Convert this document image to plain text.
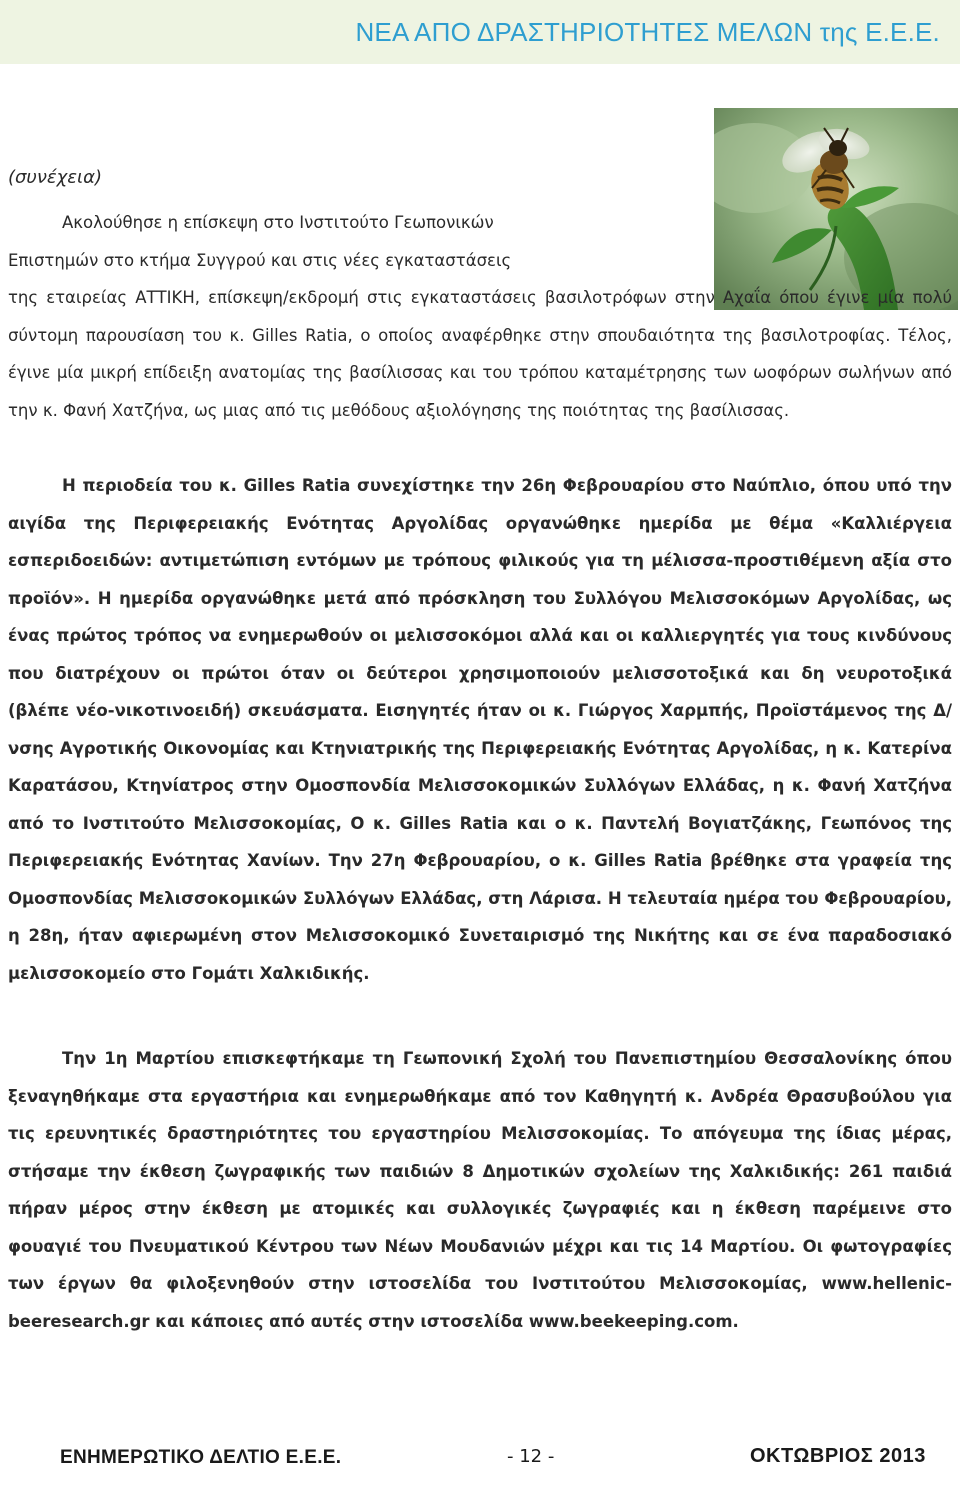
ΝΕΑ ΑΠΟ ΔΡΑΣΤΗΡΙΟΤΗΤΕΣ ΜΕΛΩΝ της Ε.Ε.Ε.
(συνέχεια)
Ακολούθησε η επίσκεψη στο Ινστιτούτο Γεωπονικών
Επιστημών στο κτήμα Συγγρού και στις νέες εγκαταστάσεις
της εταιρείας ΑΤΤΙΚΗ, επίσκεψη/εκδρομή στις εγκαταστάσεις βασιλοτρόφων στην Αχαΐα όπου έγινε μία πολύ σύντομη παρουσίαση του κ. Gilles Ratia, ο οποίος αναφέρθηκε στην σπουδαιότητα της βασιλοτροφίας. Τέλος, έγινε μία μικρή επίδειξη ανατομίας της βασίλισσας και του τρόπου καταμέτρησης των ωοφόρων σωλήνων από την κ. Φανή Χατζήνα, ως μιας από τις μεθόδους αξιολόγησης της ποιότητας της βασίλισσας.
Η περιοδεία του κ. Gilles Ratia συνεχίστηκε την 26η Φεβρουαρίου στο Ναύπλιο, όπου υπό την αιγίδα της Περιφερειακής Ενότητας Αργολίδας οργανώθηκε ημερίδα με θέμα «Καλλιέργεια εσπεριδοειδών: αντιμετώπιση εντόμων με τρόπους φιλικούς για τη μέλισσα-προστιθέμενη αξία στο προϊόν». Η ημερίδα οργανώθηκε μετά από πρόσκληση του Συλλόγου Μελισσοκόμων Αργολίδας, ως ένας πρώτος τρόπος να ενημερωθούν οι μελισσοκόμοι αλλά και οι καλλιεργητές για τους κινδύνους που διατρέχουν οι πρώτοι όταν οι δεύτεροι χρησιμοποιούν μελισσοτοξικά και δη νευροτοξικά (βλέπε νέο-νικοτινοειδή) σκευάσματα. Εισηγητές ήταν οι κ. Γιώργος Χαρμπής, Προϊστάμενος της Δ/νσης Αγροτικής Οικονομίας και Κτηνιατρικής της Περιφερειακής Ενότητας Αργολίδας, η κ. Κατερίνα Καρατάσου, Κτηνίατρος στην Ομοσπονδία Μελισσοκομικών Συλλόγων Ελλάδας, η κ. Φανή Χατζήνα από το Ινστιτούτο Μελισσοκομίας, Ο κ. Gilles Ratia και ο κ. Παντελή Βογιατζάκης, Γεωπόνος της Περιφερειακής Ενότητας Χανίων. Την 27η Φεβρουαρίου, ο κ. Gilles Ratia βρέθηκε στα γραφεία της Ομοσπονδίας Μελισσοκομικών Συλλόγων Ελλάδας, στη Λάρισα. Η τελευταία ημέρα του Φεβρουαρίου, η 28η, ήταν αφιερωμένη στον Μελισσοκομικό Συνεταιρισμό της Νικήτης και σε ένα παραδοσιακό μελισσοκομείο στο Γομάτι Χαλκιδικής.
Την 1η Μαρτίου επισκεφτήκαμε τη Γεωπονική Σχολή του Πανεπιστημίου Θεσσαλονίκης όπου ξεναγηθήκαμε στα εργαστήρια και ενημερωθήκαμε από τον Καθηγητή κ. Ανδρέα Θρασυβούλου για τις ερευνητικές δραστηριότητες του εργαστηρίου Μελισσοκομίας. Το απόγευμα της ίδιας μέρας, στήσαμε την έκθεση ζωγραφικής των παιδιών 8 Δημοτικών σχολείων της Χαλκιδικής: 261 παιδιά πήραν μέρος στην έκθεση με ατομικές και συλλογικές ζωγραφιές και η έκθεση παρέμεινε στο φουαγιέ του Πνευματικού Κέντρου των Νέων Μουδανιών μέχρι και τις 14 Μαρτίου. Οι φωτογραφίες των έργων θα φιλοξενηθούν στην ιστοσελίδα του Ινστιτούτου Μελισσοκομίας, www.hellenic-beeresearch.gr και κάποιες από αυτές στην ιστοσελίδα www.beekeeping.com.
ΕΝΗΜΕΡΩΤΙΚΟ ΔΕΛΤΙΟ Ε.Ε.Ε.	- 12 -	ΟΚΤΩΒΡΙΟΣ 2013
